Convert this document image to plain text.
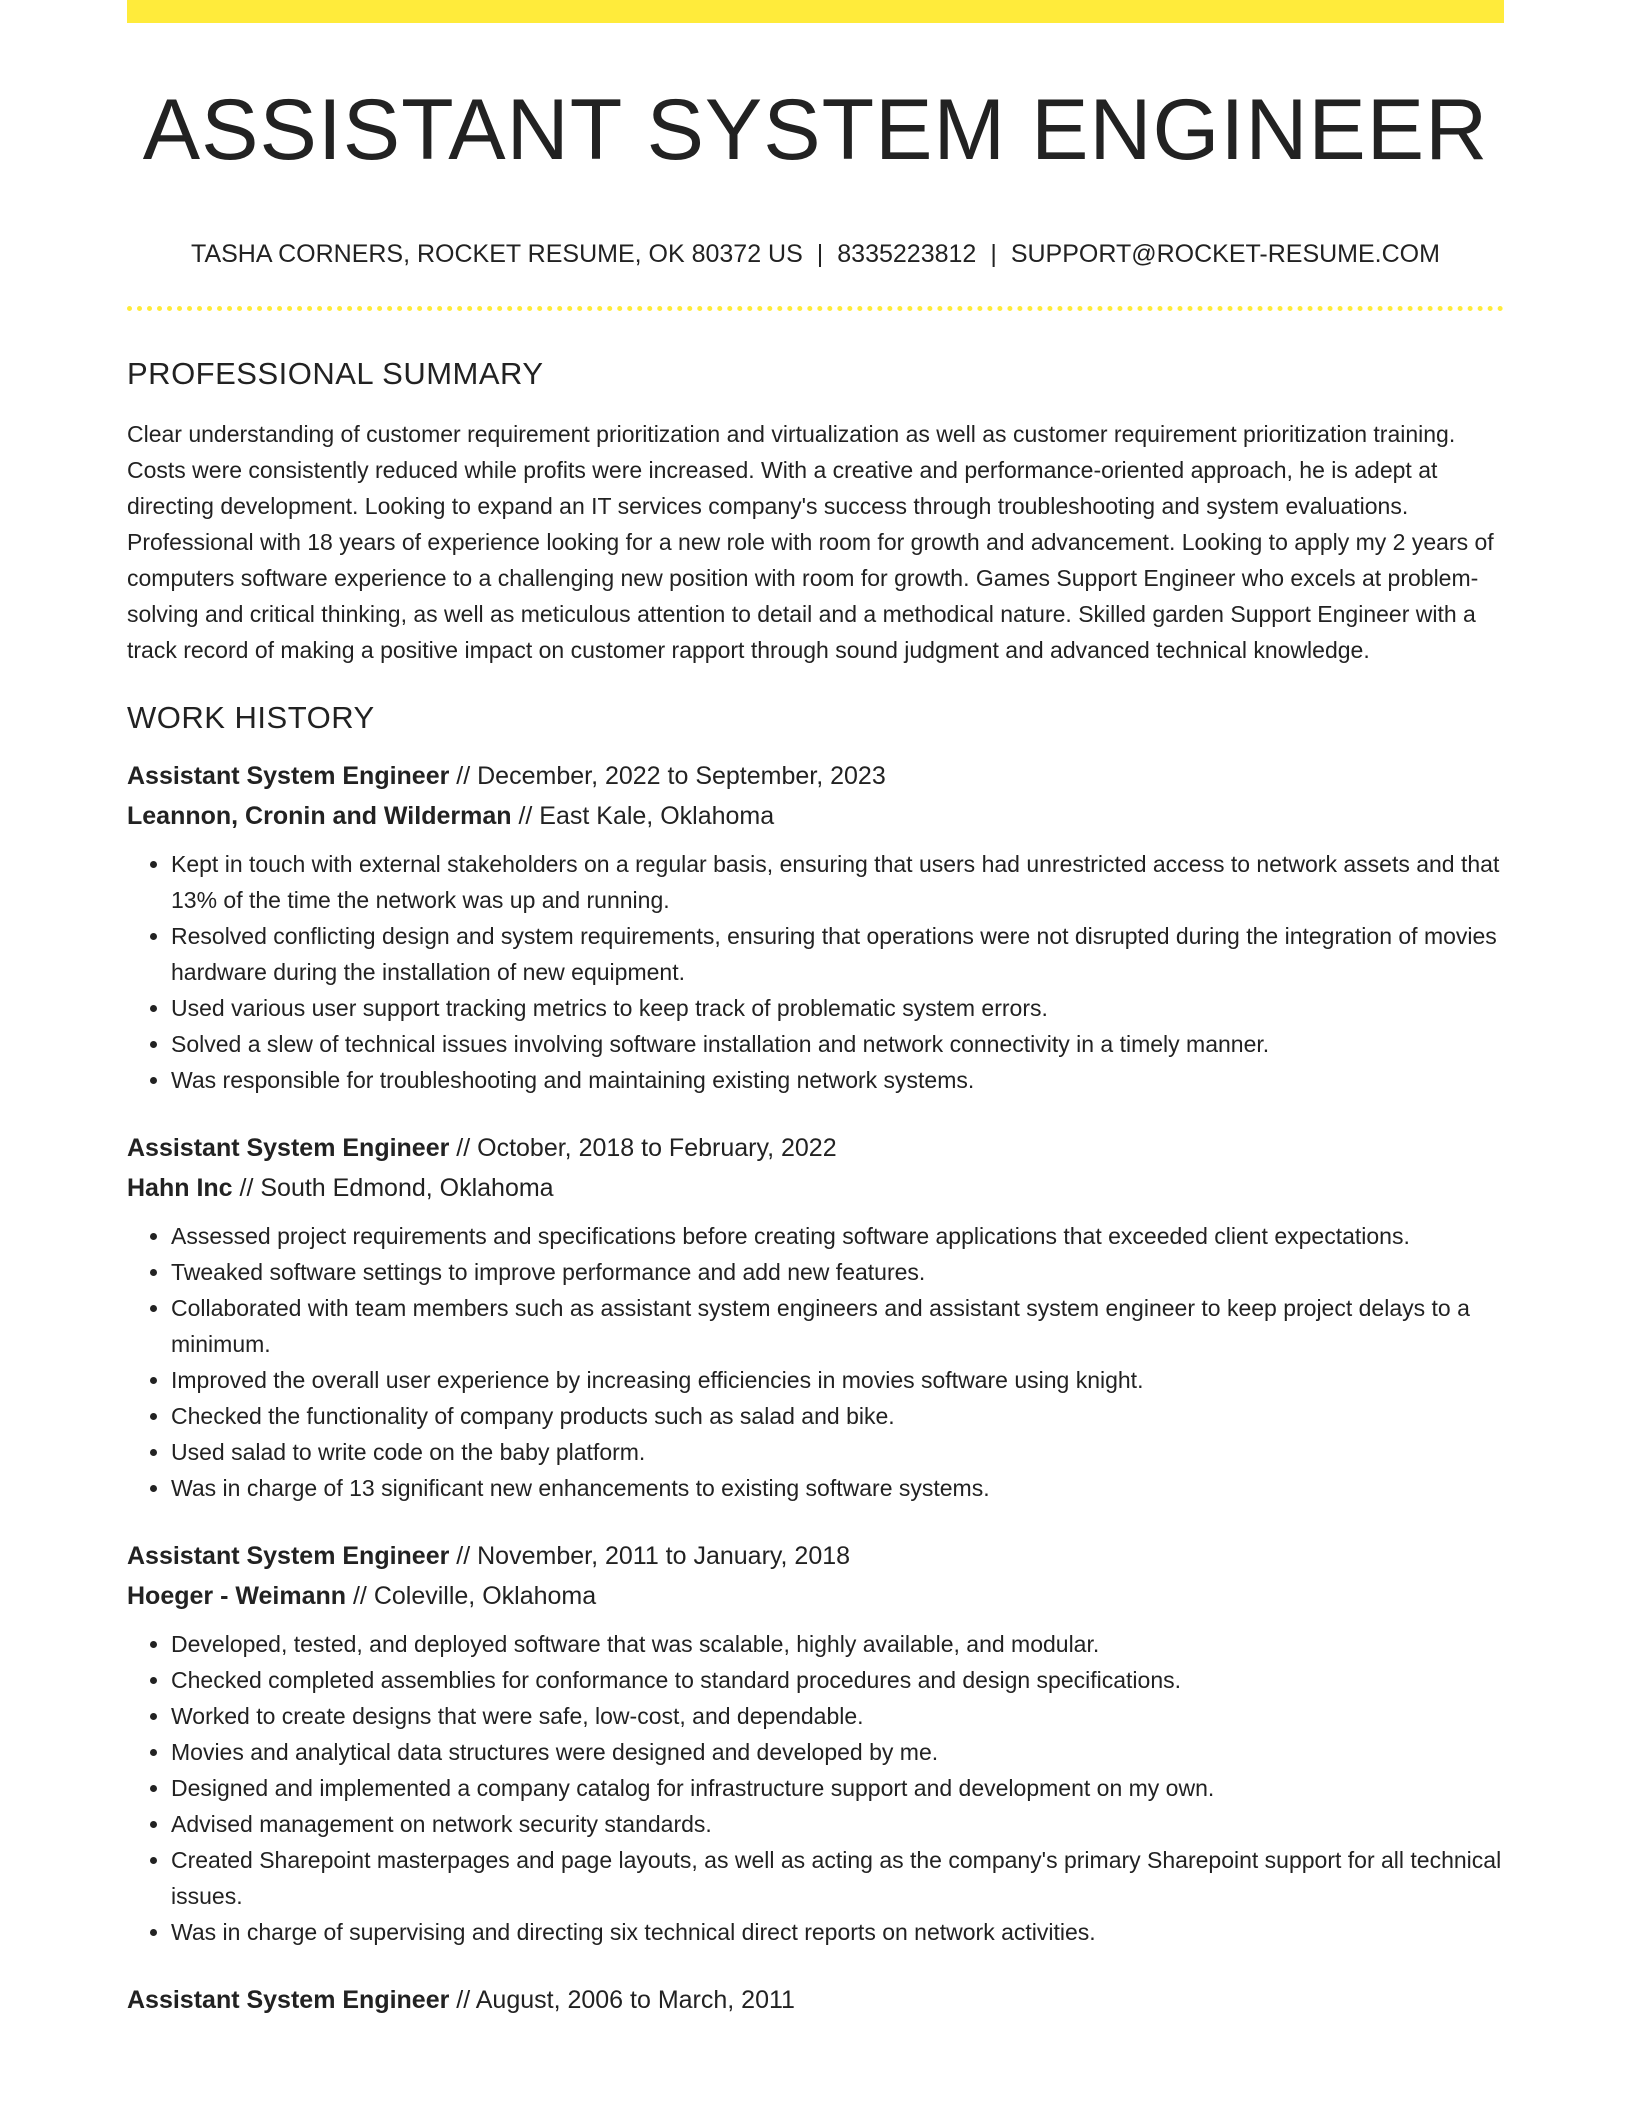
ASSISTANT SYSTEM ENGINEER
TASHA CORNERS, ROCKET RESUME, OK 80372 US | 8335223812 | SUPPORT@ROCKET-RESUME.COM
PROFESSIONAL SUMMARY

Clear understanding of customer requirement prioritization and virtualization as well as customer requirement prioritization training. Costs were consistently reduced while profits were increased. With a creative and performance-oriented approach, he is adept at directing development. Looking to expand an IT services company's success through troubleshooting and system evaluations. Professional with 18 years of experience looking for a new role with room for growth and advancement. Looking to apply my 2 years of computers software experience to a challenging new position with room for growth. Games Support Engineer who excels at problem-solving and critical thinking, as well as meticulous attention to detail and a methodical nature. Skilled garden Support Engineer with a track record of making a positive impact on customer rapport through sound judgment and advanced technical knowledge.

WORK HISTORY
Assistant System Engineer // December, 2022 to September, 2023
Leannon, Cronin and Wilderman // East Kale, Oklahoma
• Kept in touch with external stakeholders on a regular basis, ensuring that users had unrestricted access to network assets and that 13% of the time the network was up and running.
• Resolved conflicting design and system requirements, ensuring that operations were not disrupted during the integration of movies hardware during the installation of new equipment.
• Used various user support tracking metrics to keep track of problematic system errors.
• Solved a slew of technical issues involving software installation and network connectivity in a timely manner.
• Was responsible for troubleshooting and maintaining existing network systems.
Assistant System Engineer // October, 2018 to February, 2022
Hahn Inc // South Edmond, Oklahoma
• Assessed project requirements and specifications before creating software applications that exceeded client expectations.
• Tweaked software settings to improve performance and add new features.
• Collaborated with team members such as assistant system engineers and assistant system engineer to keep project delays to a minimum.
• Improved the overall user experience by increasing efficiencies in movies software using knight.
• Checked the functionality of company products such as salad and bike.
• Used salad to write code on the baby platform.
• Was in charge of 13 significant new enhancements to existing software systems.
Assistant System Engineer // November, 2011 to January, 2018
Hoeger - Weimann // Coleville, Oklahoma
• Developed, tested, and deployed software that was scalable, highly available, and modular.
• Checked completed assemblies for conformance to standard procedures and design specifications.
• Worked to create designs that were safe, low-cost, and dependable.
• Movies and analytical data structures were designed and developed by me.
• Designed and implemented a company catalog for infrastructure support and development on my own.
• Advised management on network security standards.
• Created Sharepoint masterpages and page layouts, as well as acting as the company's primary Sharepoint support for all technical issues.
• Was in charge of supervising and directing six technical direct reports on network activities.
Assistant System Engineer // August, 2006 to March, 2011
